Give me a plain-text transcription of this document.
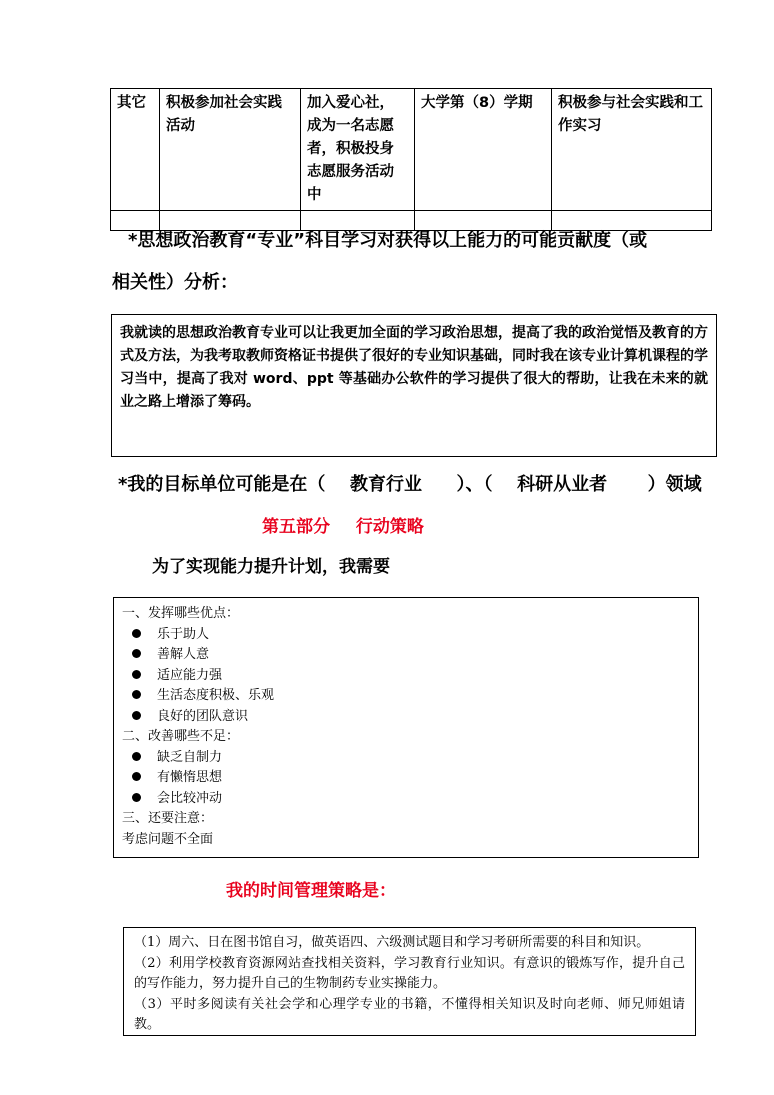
其它	积极参加社会实践活动	加入爱心社，成为一名志愿者，积极投身志愿服务活动中	大学第（8）学期	积极参与社会实践和工作实习

*思想政治教育“专业”科目学习对获得以上能力的可能贡献度（或
相关性）分析：
我就读的思想政治教育专业可以让我更加全面的学习政治思想，提高了我的政治觉悟及教育的方式及方法，为我考取教师资格证书提供了很好的专业知识基础，同时我在该专业计算机课程的学习当中，提高了我对 word、ppt 等基础办公软件的学习提供了很大的帮助，让我在未来的就业之路上增添了筹码。
*我的目标单位可能是在（ 教育行业 ）、（ 科研从业者 ）领域
第五部分 行动策略
为了实现能力提升计划，我需要
一、发挥哪些优点：
乐于助人
善解人意
适应能力强
生活态度积极、乐观
良好的团队意识
二、改善哪些不足：
缺乏自制力
有懒惰思想
会比较冲动
三、还要注意：
考虑问题不全面
我的时间管理策略是：
（1）周六、日在图书馆自习，做英语四、六级测试题目和学习考研所需要的科目和知识。
（2）利用学校教育资源网站查找相关资料，学习教育行业知识。有意识的锻炼写作，提升自己的写作能力，努力提升自己的生物制药专业实操能力。
（3）平时多阅读有关社会学和心理学专业的书籍，不懂得相关知识及时向老师、师兄师姐请教。
